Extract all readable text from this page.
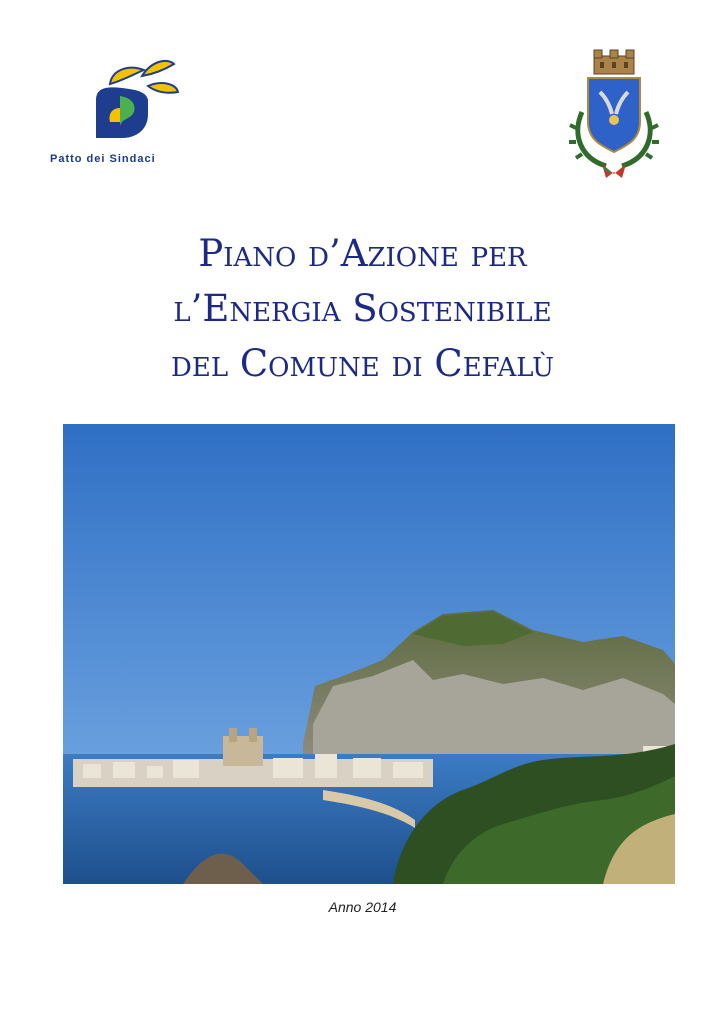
Patto dei Sindaci
Piano d’Azione per
l’Energia Sostenibile
del Comune di Cefalù
Anno 2014
